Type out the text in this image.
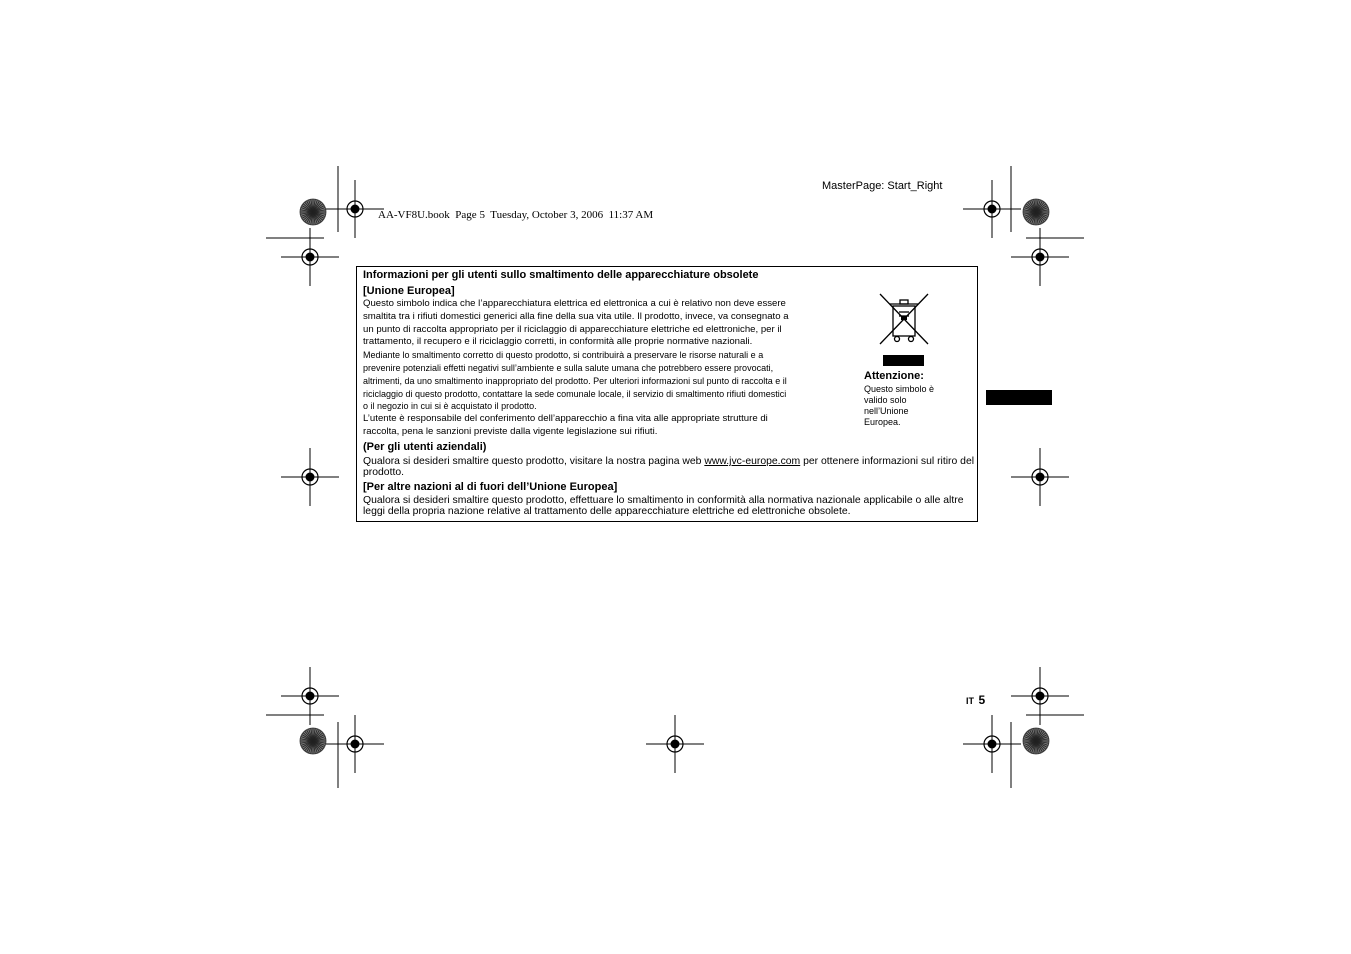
MasterPage: Start_Right
AA-VF8U.book  Page 5  Tuesday, October 3, 2006  11:37 AM
Informazioni per gli utenti sullo smaltimento delle apparecchiature obsolete
[Unione Europea]
Questo simbolo indica che l’apparecchiatura elettrica ed elettronica a cui è relativo non deve essere
smaltita tra i rifiuti domestici generici alla fine della sua vita utile. Il prodotto, invece, va consegnato a
un punto di raccolta appropriato per il riciclaggio di apparecchiature elettriche ed elettroniche, per il
trattamento, il recupero e il riciclaggio corretti, in conformità alle proprie normative nazionali.
Mediante lo smaltimento corretto di questo prodotto, si contribuirà a preservare le risorse naturali e a
prevenire potenziali effetti negativi sull’ambiente e sulla salute umana che potrebbero essere provocati,
altrimenti, da uno smaltimento inappropriato del prodotto. Per ulteriori informazioni sul punto di raccolta e il
riciclaggio di questo prodotto, contattare la sede comunale locale, il servizio di smaltimento rifiuti domestici
o il negozio in cui si è acquistato il prodotto.
L’utente è responsabile del conferimento dell’apparecchio a fina vita alle appropriate strutture di
raccolta, pena le sanzioni previste dalla vigente legislazione sui rifiuti.
Attenzione:
Questo simbolo è valido solo nell’Unione Europea.
(Per gli utenti aziendali)
Qualora si desideri smaltire questo prodotto, visitare la nostra pagina web www.jvc-europe.com per ottenere informazioni sul ritiro del prodotto.
[Per altre nazioni al di fuori dell’Unione Europea]
Qualora si desideri smaltire questo prodotto, effettuare lo smaltimento in conformità alla normativa nazionale applicabile o alle altre leggi della propria nazione relative al trattamento delle apparecchiature elettriche ed elettroniche obsolete.
IT 5
